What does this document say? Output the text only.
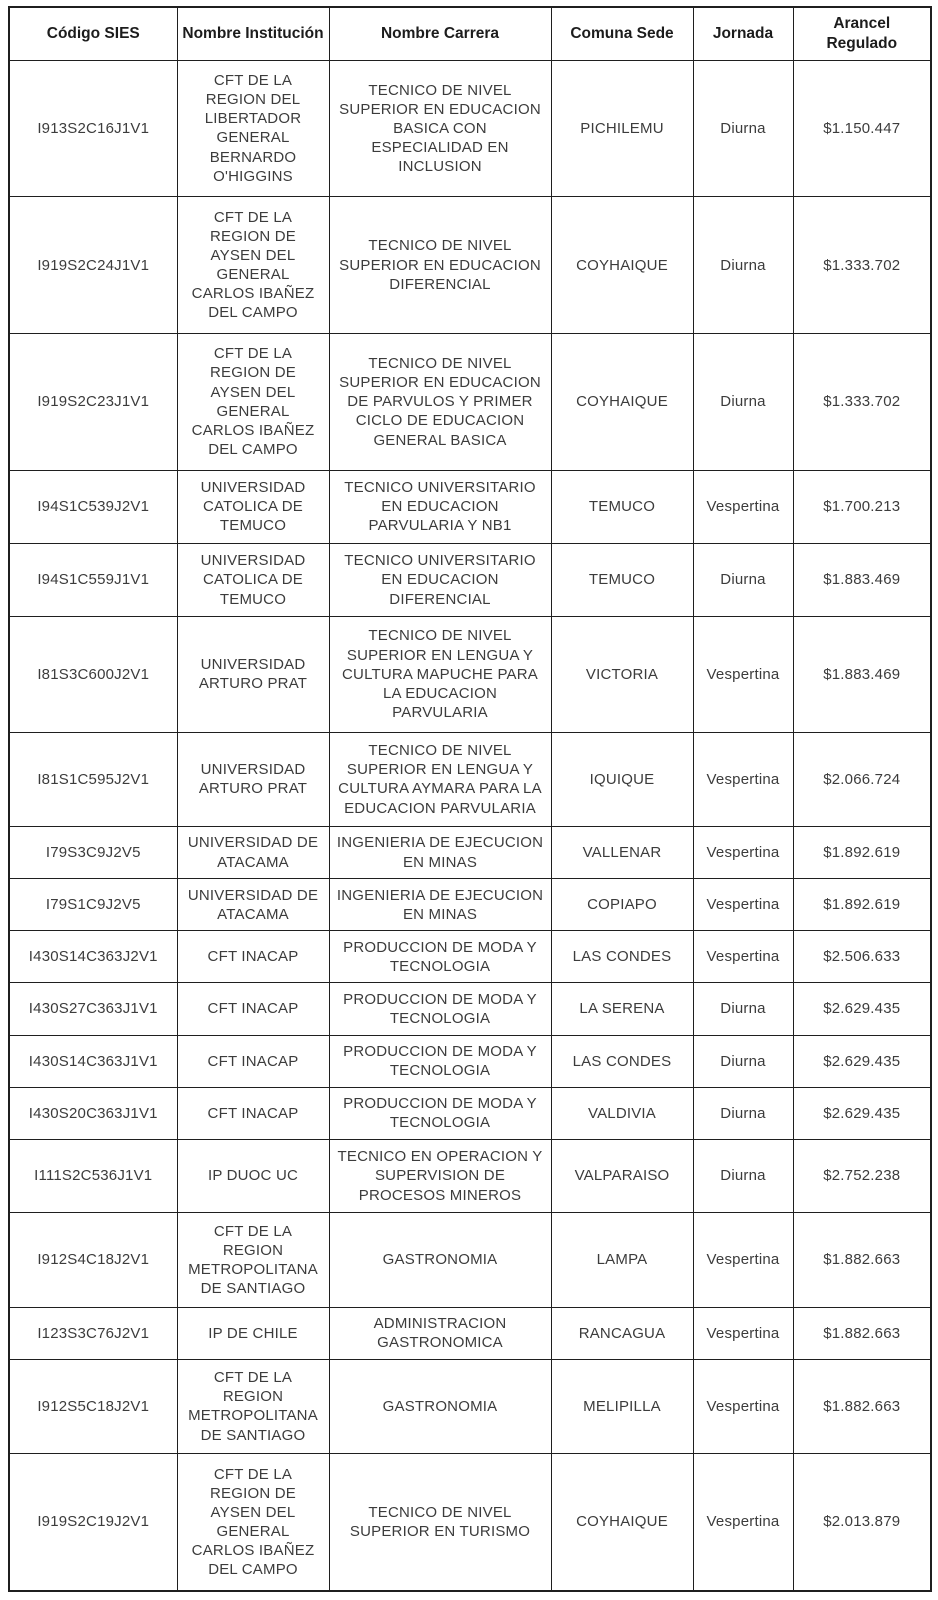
Código SIES	Nombre Institución	Nombre Carrera	Comuna Sede	Jornada	Arancel Regulado
I913S2C16J1V1	CFT DE LA REGION DEL LIBERTADOR GENERAL BERNARDO O'HIGGINS	TECNICO DE NIVEL SUPERIOR EN EDUCACION BASICA CON ESPECIALIDAD EN INCLUSION	PICHILEMU	Diurna	$1.150.447
I919S2C24J1V1	CFT DE LA REGION DE AYSEN DEL GENERAL CARLOS IBAÑEZ DEL CAMPO	TECNICO DE NIVEL SUPERIOR EN EDUCACION DIFERENCIAL	COYHAIQUE	Diurna	$1.333.702
I919S2C23J1V1	CFT DE LA REGION DE AYSEN DEL GENERAL CARLOS IBAÑEZ DEL CAMPO	TECNICO DE NIVEL SUPERIOR EN EDUCACION DE PARVULOS Y PRIMER CICLO DE EDUCACION GENERAL BASICA	COYHAIQUE	Diurna	$1.333.702
I94S1C539J2V1	UNIVERSIDAD CATOLICA DE TEMUCO	TECNICO UNIVERSITARIO EN EDUCACION PARVULARIA Y NB1	TEMUCO	Vespertina	$1.700.213
I94S1C559J1V1	UNIVERSIDAD CATOLICA DE TEMUCO	TECNICO UNIVERSITARIO EN EDUCACION DIFERENCIAL	TEMUCO	Diurna	$1.883.469
I81S3C600J2V1	UNIVERSIDAD ARTURO PRAT	TECNICO DE NIVEL SUPERIOR EN LENGUA Y CULTURA MAPUCHE PARA LA EDUCACION PARVULARIA	VICTORIA	Vespertina	$1.883.469
I81S1C595J2V1	UNIVERSIDAD ARTURO PRAT	TECNICO DE NIVEL SUPERIOR EN LENGUA Y CULTURA AYMARA PARA LA EDUCACION PARVULARIA	IQUIQUE	Vespertina	$2.066.724
I79S3C9J2V5	UNIVERSIDAD DE ATACAMA	INGENIERIA DE EJECUCION EN MINAS	VALLENAR	Vespertina	$1.892.619
I79S1C9J2V5	UNIVERSIDAD DE ATACAMA	INGENIERIA DE EJECUCION EN MINAS	COPIAPO	Vespertina	$1.892.619
I430S14C363J2V1	CFT INACAP	PRODUCCION DE MODA Y TECNOLOGIA	LAS CONDES	Vespertina	$2.506.633
I430S27C363J1V1	CFT INACAP	PRODUCCION DE MODA Y TECNOLOGIA	LA SERENA	Diurna	$2.629.435
I430S14C363J1V1	CFT INACAP	PRODUCCION DE MODA Y TECNOLOGIA	LAS CONDES	Diurna	$2.629.435
I430S20C363J1V1	CFT INACAP	PRODUCCION DE MODA Y TECNOLOGIA	VALDIVIA	Diurna	$2.629.435
I111S2C536J1V1	IP DUOC UC	TECNICO EN OPERACION Y SUPERVISION DE PROCESOS MINEROS	VALPARAISO	Diurna	$2.752.238
I912S4C18J2V1	CFT DE LA REGION METROPOLITANA DE SANTIAGO	GASTRONOMIA	LAMPA	Vespertina	$1.882.663
I123S3C76J2V1	IP DE CHILE	ADMINISTRACION GASTRONOMICA	RANCAGUA	Vespertina	$1.882.663
I912S5C18J2V1	CFT DE LA REGION METROPOLITANA DE SANTIAGO	GASTRONOMIA	MELIPILLA	Vespertina	$1.882.663
I919S2C19J2V1	CFT DE LA REGION DE AYSEN DEL GENERAL CARLOS IBAÑEZ DEL CAMPO	TECNICO DE NIVEL SUPERIOR EN TURISMO	COYHAIQUE	Vespertina	$2.013.879
